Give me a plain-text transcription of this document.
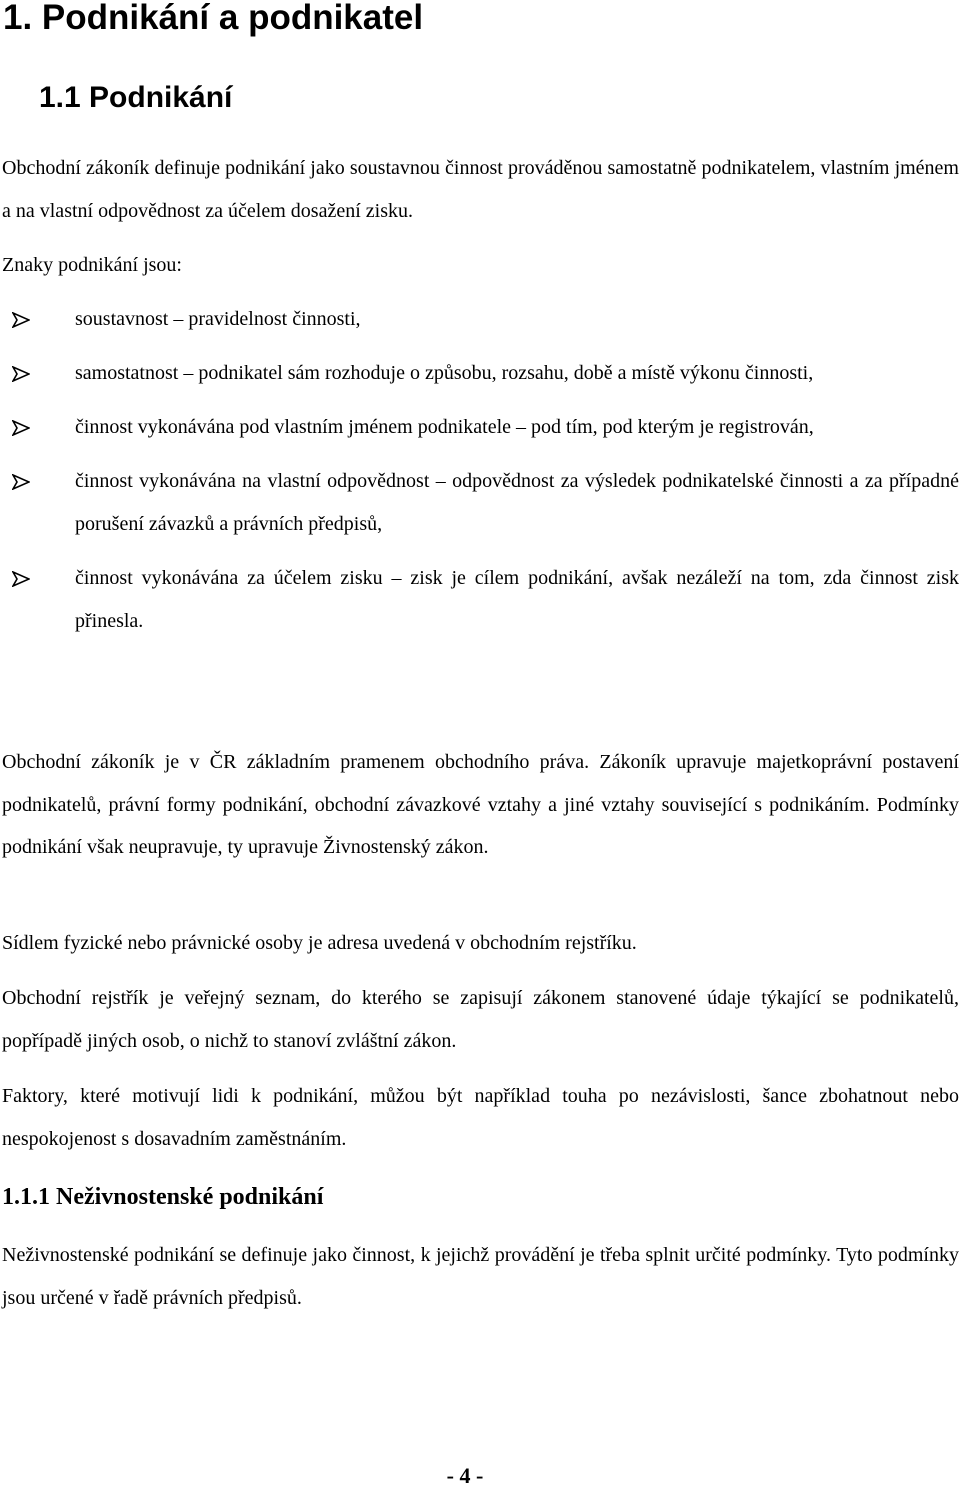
1. Podnikání a podnikatel
1.1 Podnikání

Obchodní zákoník definuje podnikání jako soustavnou činnost prováděnou samostatně podnikatelem, vlastním jménem a na vlastní odpovědnost za účelem dosažení zisku.

Znaky podnikání jsou:

soustavnost – pravidelnost činnosti,
samostatnost – podnikatel sám rozhoduje o způsobu, rozsahu, době a místě výkonu činnosti,
činnost vykonávána pod vlastním jménem podnikatele – pod tím, pod kterým je registrován,
činnost vykonávána na vlastní odpovědnost – odpovědnost za výsledek podnikatelské činnosti a za případné porušení závazků a právních předpisů,
činnost vykonávána za účelem zisku – zisk je cílem podnikání, avšak nezáleží na tom, zda činnost zisk přinesla.

Obchodní zákoník je v ČR základním pramenem obchodního práva. Zákoník upravuje majetkoprávní postavení podnikatelů, právní formy podnikání, obchodní závazkové vztahy a jiné vztahy související s podnikáním. Podmínky podnikání však neupravuje, ty upravuje Živnostenský zákon.

Sídlem fyzické nebo právnické osoby je adresa uvedená v obchodním rejstříku.

Obchodní rejstřík je veřejný seznam, do kterého se zapisují zákonem stanovené údaje týkající se podnikatelů, popřípadě jiných osob, o nichž to stanoví zvláštní zákon.

Faktory, které motivují lidi k podnikání, můžou být například touha po nezávislosti, šance zbohatnout nebo nespokojenost s dosavadním zaměstnáním.

1.1.1 Neživnostenské podnikání

Neživnostenské podnikání se definuje jako činnost, k jejichž provádění je třeba splnit určité podmínky. Tyto podmínky jsou určené v řadě právních předpisů.

- 4 -
